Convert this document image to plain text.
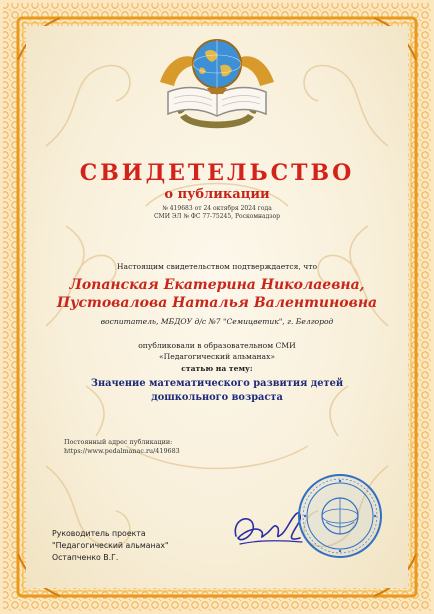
СВИДЕТЕЛЬСТВО
о публикации
№ 419683 от 24 октября 2024 года
СМИ ЭЛ № ФС 77-75245, Роскомнадзор
Настоящим свидетельством подтверждается, что
Лопанская Екатерина Николаевна,
Пустовалова Наталья Валентиновна
воспитатель, МБДОУ д/с №7 "Семицветик", г. Белгород
опубликовали в образовательном СМИ
«Педагогический альманах»
статью на тему:
Значение математического развития детей
дошкольного возраста
Постоянный адрес публикации:
https://www.pedalmanac.ru/419683
Руководитель проекта
"Педагогический альманах"
Остапченко В.Г.
